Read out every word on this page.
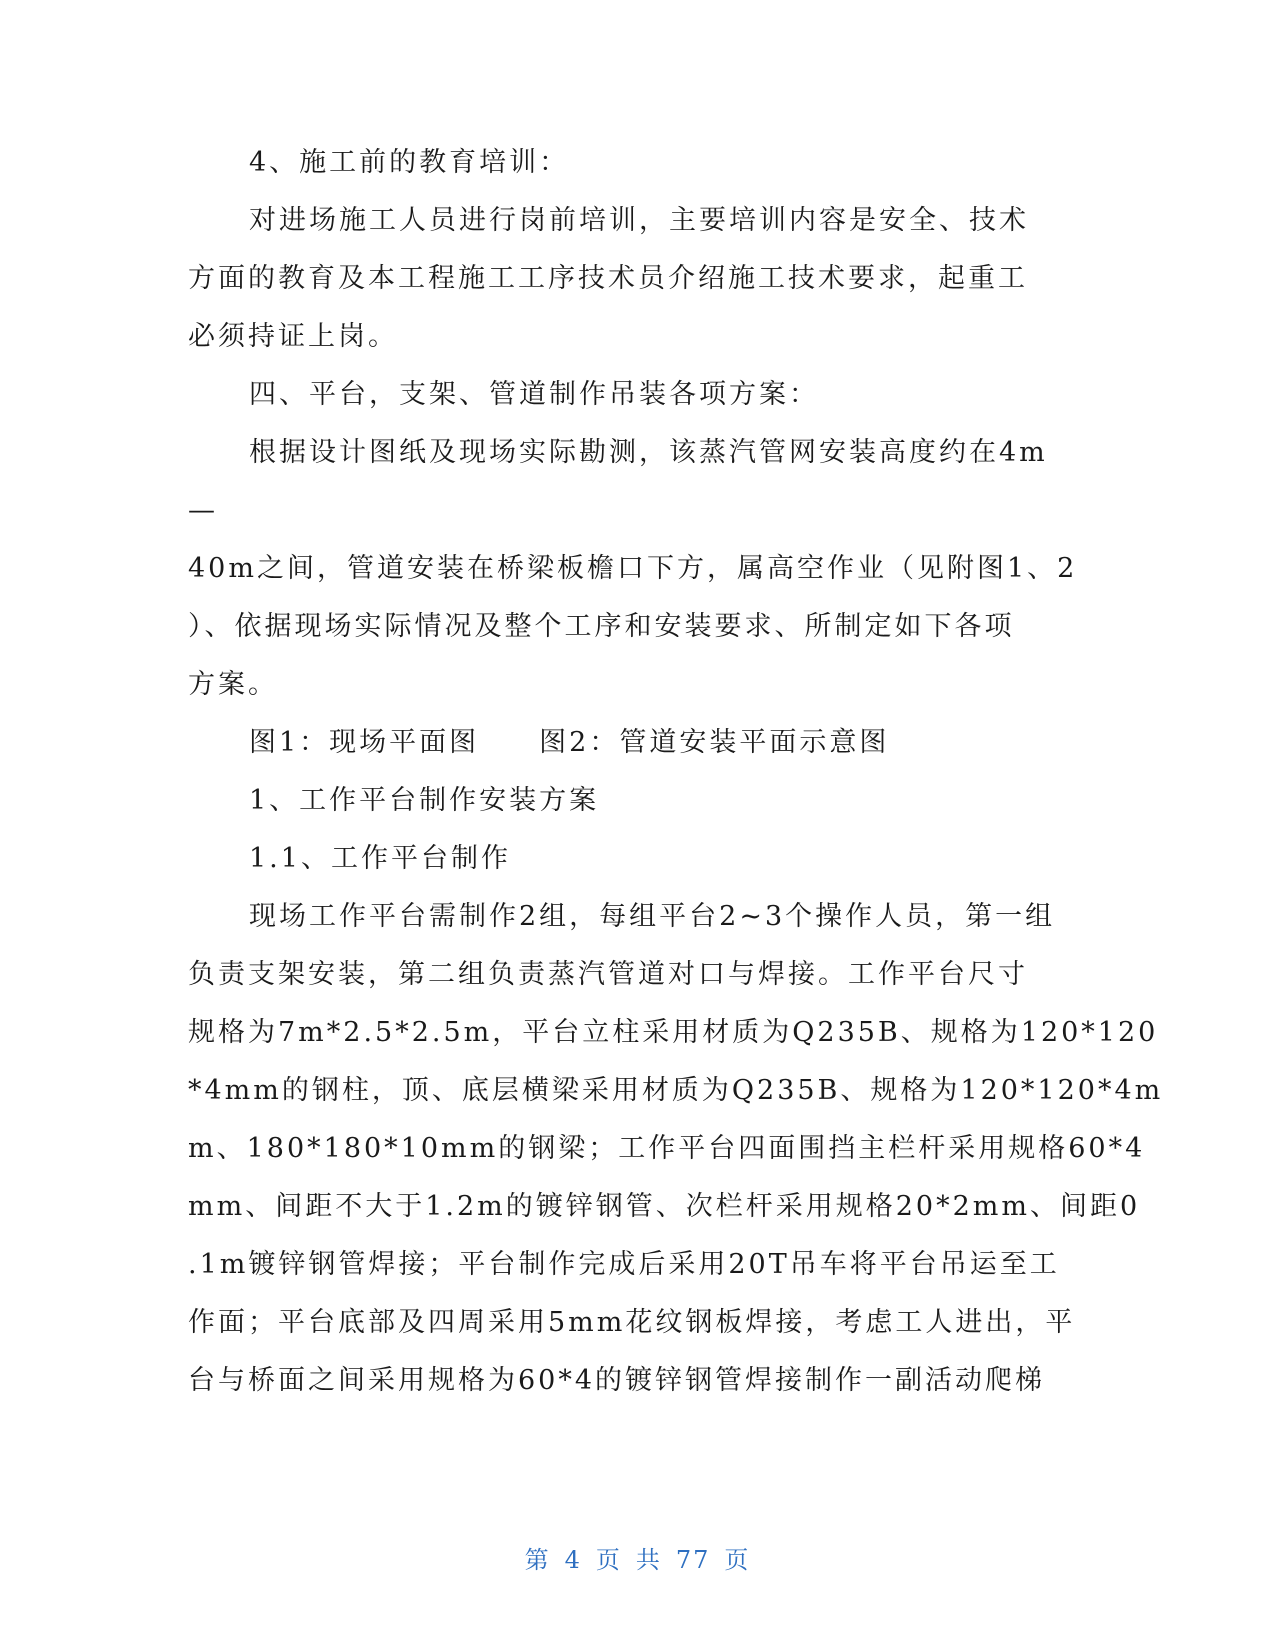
4、施工前的教育培训：
对进场施工人员进行岗前培训，主要培训内容是安全、技术
方面的教育及本工程施工工序技术员介绍施工技术要求，起重工
必须持证上岗。
四、平台，支架、管道制作吊装各项方案：
根据设计图纸及现场实际勘测，该蒸汽管网安装高度约在4m
—
40m之间，管道安装在桥梁板檐口下方，属高空作业（见附图1、2
）、依据现场实际情况及整个工序和安装要求、所制定如下各项
方案。
图1：现场平面图　　图2：管道安装平面示意图
1、工作平台制作安装方案
1.1、工作平台制作
现场工作平台需制作2组，每组平台2~3个操作人员，第一组
负责支架安装，第二组负责蒸汽管道对口与焊接。工作平台尺寸
规格为7m*2.5*2.5m，平台立柱采用材质为Q235B、规格为120*120
*4mm的钢柱，顶、底层横梁采用材质为Q235B、规格为120*120*4m
m、180*180*10mm的钢梁；工作平台四面围挡主栏杆采用规格60*4
mm、间距不大于1.2m的镀锌钢管、次栏杆采用规格20*2mm、间距0
.1m镀锌钢管焊接；平台制作完成后采用20T吊车将平台吊运至工
作面；平台底部及四周采用5mm花纹钢板焊接，考虑工人进出，平
台与桥面之间采用规格为60*4的镀锌钢管焊接制作一副活动爬梯
第 4 页 共 77 页
